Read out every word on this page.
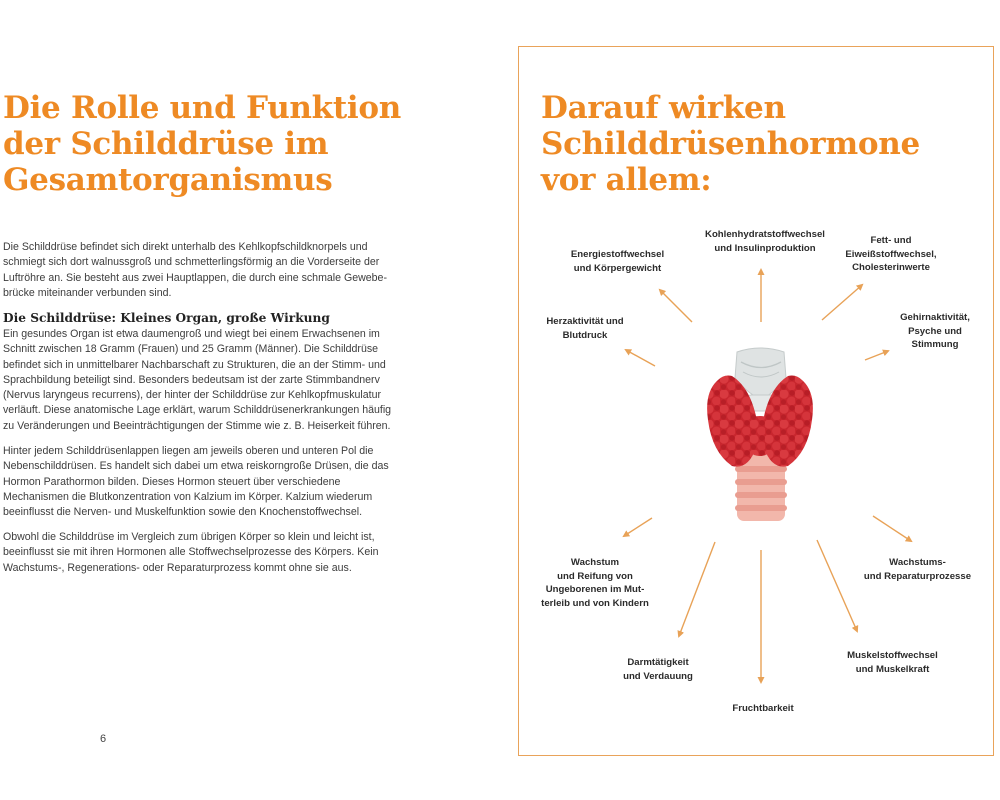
Die Rolle und Funktion
der Schilddrüse im
Gesamtorganismus

Die Schilddrüse befindet sich direkt unterhalb des Kehlkopfschildknorpels und schmiegt sich dort walnussgroß und schmetterlingsförmig an die Vorderseite der Luftröhre an. Sie besteht aus zwei Hauptlappen, die durch eine schmale Gewebebrücke miteinander verbunden sind.

Die Schilddrüse: Kleines Organ, große Wirkung

Ein gesundes Organ ist etwa daumengroß und wiegt bei einem Erwachsenen im Schnitt zwischen 18 Gramm (Frauen) und 25 Gramm (Männer). Die Schilddrüse befindet sich in unmittelbarer Nachbarschaft zu Strukturen, die an der Stimm- und Sprachbildung beteiligt sind. Besonders bedeutsam ist der zarte Stimmbandnerv (Nervus laryngeus recurrens), der hinter der Schilddrüse zur Kehlkopfmuskulatur verläuft. Diese anatomische Lage erklärt, warum Schilddrüsenerkrankungen häufig zu Veränderungen und Beeinträchtigungen der Stimme wie z. B. Heiserkeit führen.

Hinter jedem Schilddrüsenlappen liegen am jeweils oberen und unteren Pol die Nebenschilddrüsen. Es handelt sich dabei um etwa reiskorngroße Drüsen, die das Hormon Parathormon bilden. Dieses Hormon steuert über verschiedene Mechanismen die Blutkonzentration von Kalzium im Körper. Kalzium wiederum beeinflusst die Nerven- und Muskelfunktion sowie den Knochenstoffwechsel.

Obwohl die Schilddrüse im Vergleich zum übrigen Körper so klein und leicht ist, beeinflusst sie mit ihren Hormonen alle Stoffwechselprozesse des Körpers. Kein Wachstums-, Regenerations- oder Reparaturprozess kommt ohne sie aus.

6
Darauf wirken
Schilddrüsenhormone
vor allem:
Kohlenhydratstoffwechsel
und Insulinproduktion
Energiestoffwechsel
und Körpergewicht
Fett- und
Eiweißstoffwechsel,
Cholesterinwerte
Herzaktivität und
Blutdruck
Gehirnaktivität,
Psyche und
Stimmung
Wachstum
und Reifung von
Ungeborenen im Mut-
terleib und von Kindern
Wachstums-
und Reparaturprozesse
Muskelstoffwechsel
und Muskelkraft
Darmtätigkeit
und Verdauung
Fruchtbarkeit
